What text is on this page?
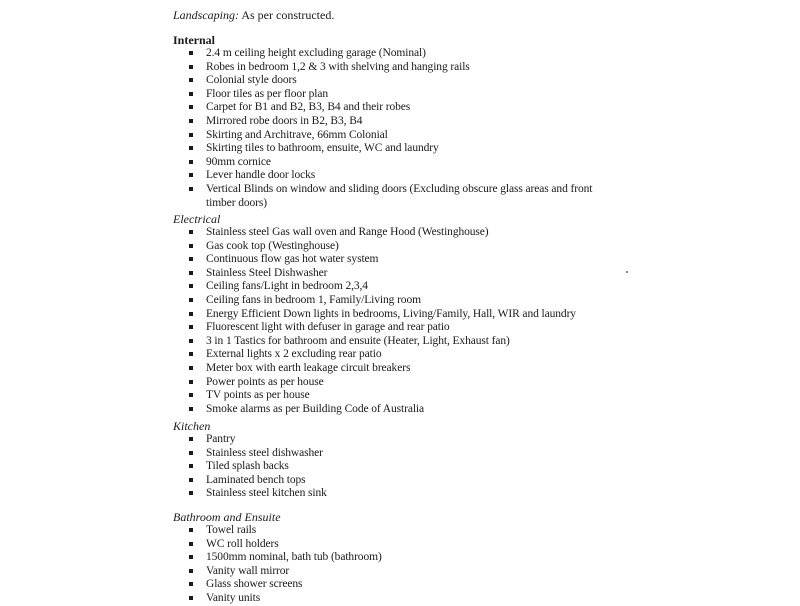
Landscaping: As per constructed.
Internal
2.4 m ceiling height excluding garage (Nominal)
Robes in bedroom 1,2 & 3 with shelving and hanging rails
Colonial style doors
Floor tiles as per floor plan
Carpet for B1 and B2, B3, B4 and their robes
Mirrored robe doors in B2, B3, B4
Skirting and Architrave, 66mm Colonial
Skirting tiles to bathroom, ensuite, WC and laundry
90mm cornice
Lever handle door locks
Vertical Blinds on window and sliding doors (Excluding obscure glass areas and front timber doors)
Electrical
Stainless steel Gas wall oven and Range Hood (Westinghouse)
Gas cook top (Westinghouse)
Continuous flow gas hot water system
Stainless Steel Dishwasher
Ceiling fans/Light in bedroom 2,3,4
Ceiling fans in bedroom 1, Family/Living room
Energy Efficient Down lights in bedrooms, Living/Family, Hall, WIR and laundry
Fluorescent light with defuser in garage and rear patio
3 in 1 Tastics for bathroom and ensuite (Heater, Light, Exhaust fan)
External lights x 2 excluding rear patio
Meter box with earth leakage circuit breakers
Power points as per house
TV points as per house
Smoke alarms as per Building Code of Australia
Kitchen
Pantry
Stainless steel dishwasher
Tiled splash backs
Laminated bench tops
Stainless steel kitchen sink
Bathroom and Ensuite
Towel rails
WC roll holders
1500mm nominal, bath tub (bathroom)
Vanity wall mirror
Glass shower screens
Vanity units
